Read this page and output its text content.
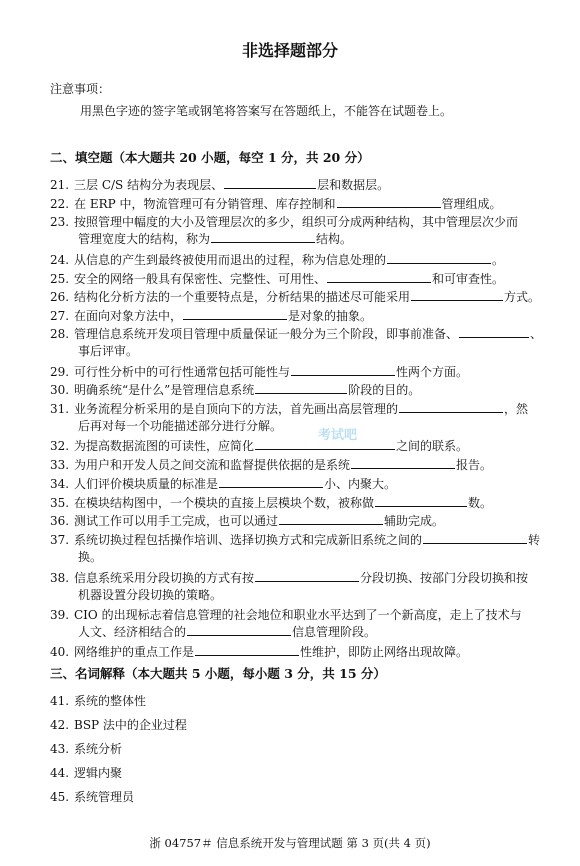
非选择题部分
注意事项：
用黑色字迹的签字笔或钢笔将答案写在答题纸上，不能答在试题卷上。
二、填空题（本大题共 20 小题，每空 1 分，共 20 分）
21. 三层 C/S 结构分为表现层、	层和数据层。
22. 在 ERP 中，物流管理可有分销管理、库存控制和	管理组成。
23. 按照管理中幅度的大小及管理层次的多少，组织可分成两种结构，其中管理层次少而
管理宽度大的结构，称为	结构。
24. 从信息的产生到最终被使用而退出的过程，称为信息处理的	。
25. 安全的网络一般具有保密性、完整性、可用性、	和可审查性。
26. 结构化分析方法的一个重要特点是，分析结果的描述尽可能采用	方式。
27. 在面向对象方法中，	是对象的抽象。
28. 管理信息系统开发项目管理中质量保证一般分为三个阶段，即事前准备、	、
事后评审。
29. 可行性分析中的可行性通常包括可能性与	性两个方面。
30. 明确系统“是什么”是管理信息系统	阶段的目的。
31. 业务流程分析采用的是自顶向下的方法，首先画出高层管理的	，然
后再对每一个功能描述部分进行分解。
32. 为提高数据流图的可读性，应简化	之间的联系。
33. 为用户和开发人员之间交流和监督提供依据的是系统	报告。
34. 人们评价模块质量的标准是	小、内聚大。
35. 在模块结构图中，一个模块的直接上层模块个数，被称做	数。
36. 测试工作可以用手工完成，也可以通过	辅助完成。
37. 系统切换过程包括操作培训、选择切换方式和完成新旧系统之间的	转
换。
38. 信息系统采用分段切换的方式有按	分段切换、按部门分段切换和按
机器设置分段切换的策略。
39. CIO 的出现标志着信息管理的社会地位和职业水平达到了一个新高度，走上了技术与
人文、经济相结合的	信息管理阶段。
40. 网络维护的重点工作是	性维护，即防止网络出现故障。
三、名词解释（本大题共 5 小题，每小题 3 分，共 15 分）
41. 系统的整体性
42. BSP 法中的企业过程
43. 系统分析
44. 逻辑内聚
45. 系统管理员
考试吧
浙 04757＃ 信息系统开发与管理试题 第 3 页(共 4 页)
